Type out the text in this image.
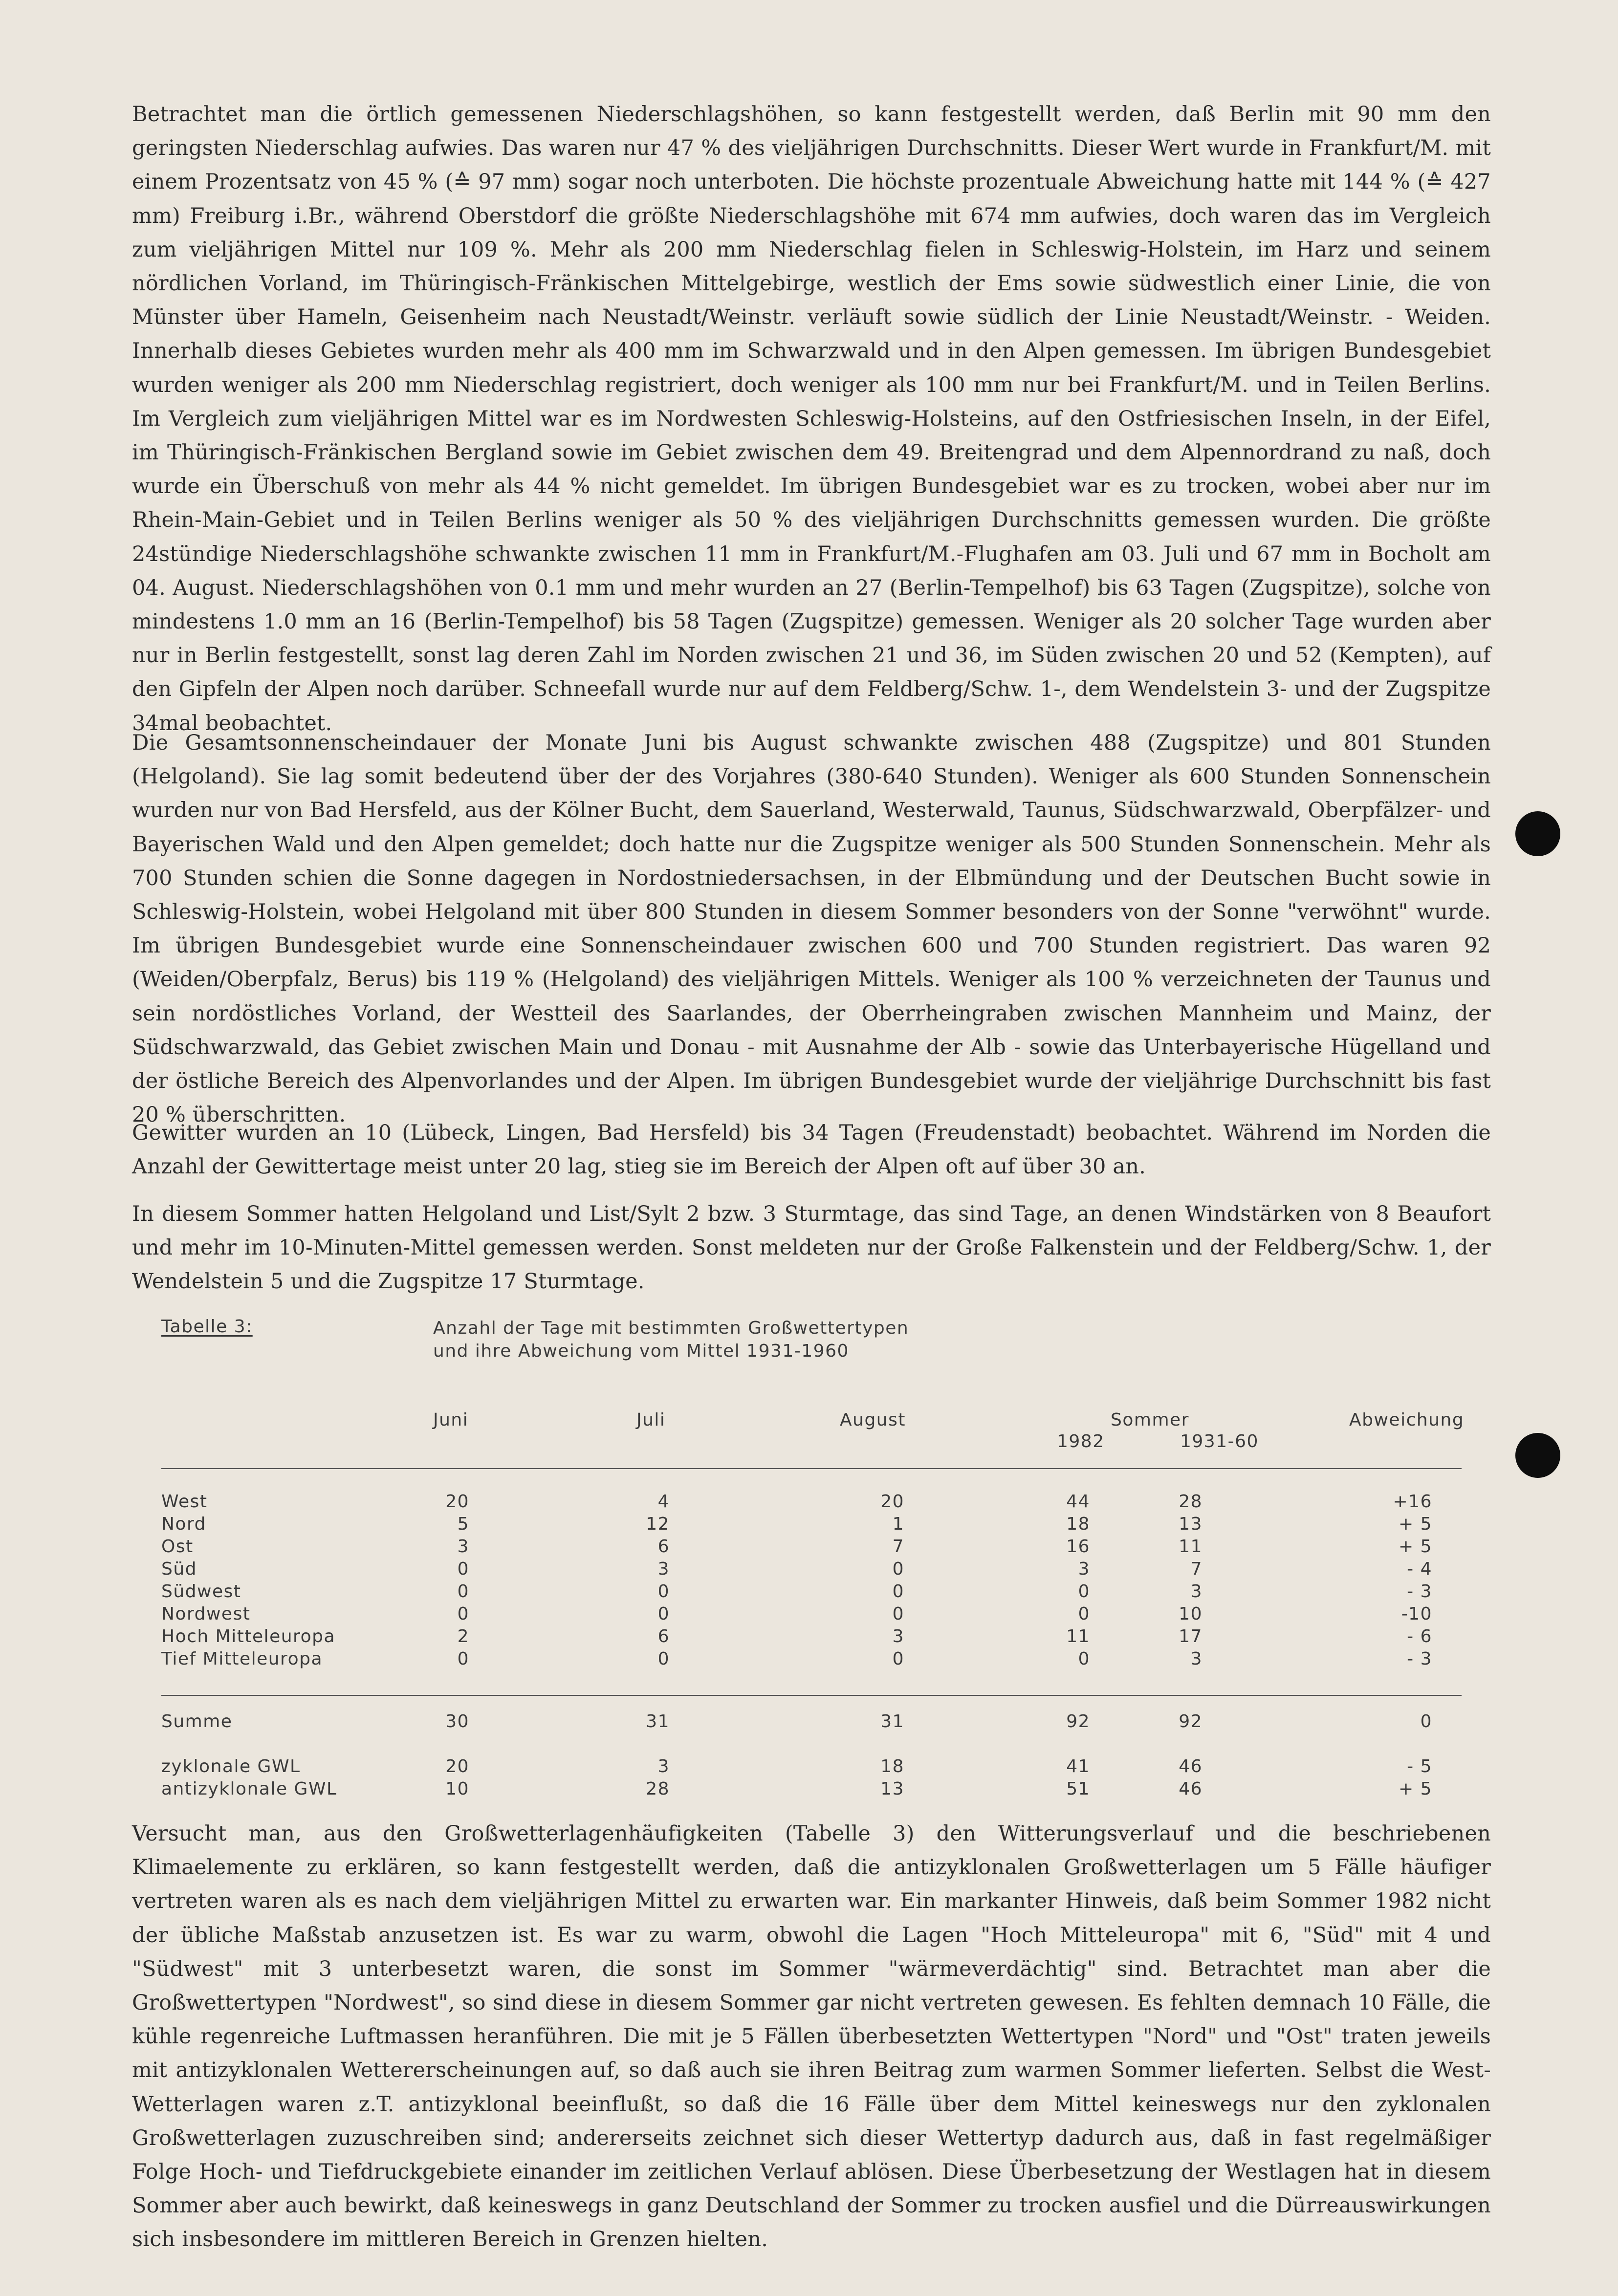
Betrachtet man die örtlich gemessenen Niederschlagshöhen, so kann festgestellt werden, daß Berlin mit 90 mm den geringsten Niederschlag aufwies. Das waren nur 47 % des vieljährigen Durchschnitts. Dieser Wert wurde in Frankfurt/M. mit einem Prozentsatz von 45 % (≙ 97 mm) sogar noch unterboten. Die höchste prozentuale Abweichung hatte mit 144 % (≙ 427 mm) Freiburg i.Br., während Oberstdorf die größte Niederschlagshöhe mit 674 mm aufwies, doch waren das im Vergleich zum vieljährigen Mittel nur 109 %. Mehr als 200 mm Niederschlag fielen in Schleswig-Holstein, im Harz und seinem nördlichen Vorland, im Thüringisch-Fränkischen Mittelgebirge, westlich der Ems sowie südwestlich einer Linie, die von Münster über Hameln, Geisenheim nach Neustadt/Weinstr. verläuft sowie südlich der Linie Neustadt/Weinstr. - Weiden. Innerhalb dieses Gebietes wurden mehr als 400 mm im Schwarzwald und in den Alpen gemessen. Im übrigen Bundesgebiet wurden weniger als 200 mm Niederschlag registriert, doch weniger als 100 mm nur bei Frankfurt/M. und in Teilen Berlins. Im Vergleich zum vieljährigen Mittel war es im Nordwesten Schleswig-Holsteins, auf den Ostfriesischen Inseln, in der Eifel, im Thüringisch-Fränkischen Bergland sowie im Gebiet zwischen dem 49. Breitengrad und dem Alpennordrand zu naß, doch wurde ein Überschuß von mehr als 44 % nicht gemeldet. Im übrigen Bundesgebiet war es zu trocken, wobei aber nur im Rhein-Main-Gebiet und in Teilen Berlins weniger als 50 % des vieljährigen Durchschnitts gemessen wurden. Die größte 24stündige Niederschlagshöhe schwankte zwischen 11 mm in Frankfurt/M.-Flughafen am 03. Juli und 67 mm in Bocholt am 04. August. Niederschlagshöhen von 0.1 mm und mehr wurden an 27 (Berlin-Tempelhof) bis 63 Tagen (Zugspitze), solche von mindestens 1.0 mm an 16 (Berlin-Tempelhof) bis 58 Tagen (Zugspitze) gemessen. Weniger als 20 solcher Tage wurden aber nur in Berlin festgestellt, sonst lag deren Zahl im Norden zwischen 21 und 36, im Süden zwischen 20 und 52 (Kempten), auf den Gipfeln der Alpen noch darüber. Schneefall wurde nur auf dem Feldberg/Schw. 1-, dem Wendelstein 3- und der Zugspitze 34mal beobachtet.

Die Gesamtsonnenscheindauer der Monate Juni bis August schwankte zwischen 488 (Zugspitze) und 801 Stunden (Helgoland). Sie lag somit bedeutend über der des Vorjahres (380-640 Stunden). Weniger als 600 Stunden Sonnenschein wurden nur von Bad Hersfeld, aus der Kölner Bucht, dem Sauerland, Westerwald, Taunus, Südschwarzwald, Oberpfälzer- und Bayerischen Wald und den Alpen gemeldet; doch hatte nur die Zugspitze weniger als 500 Stunden Sonnenschein. Mehr als 700 Stunden schien die Sonne dagegen in Nordostniedersachsen, in der Elbmündung und der Deutschen Bucht sowie in Schleswig-Holstein, wobei Helgoland mit über 800 Stunden in diesem Sommer besonders von der Sonne "verwöhnt" wurde. Im übrigen Bundesgebiet wurde eine Sonnenscheindauer zwischen 600 und 700 Stunden registriert. Das waren 92 (Weiden/Oberpfalz, Berus) bis 119 % (Helgoland) des vieljährigen Mittels. Weniger als 100 % verzeichneten der Taunus und sein nordöstliches Vorland, der Westteil des Saarlandes, der Oberrheingraben zwischen Mannheim und Mainz, der Südschwarzwald, das Gebiet zwischen Main und Donau - mit Ausnahme der Alb - sowie das Unterbayerische Hügelland und der östliche Bereich des Alpenvorlandes und der Alpen. Im übrigen Bundesgebiet wurde der vieljährige Durchschnitt bis fast 20 % überschritten.

Gewitter wurden an 10 (Lübeck, Lingen, Bad Hersfeld) bis 34 Tagen (Freudenstadt) beobachtet. Während im Norden die Anzahl der Gewittertage meist unter 20 lag, stieg sie im Bereich der Alpen oft auf über 30 an.

In diesem Sommer hatten Helgoland und List/Sylt 2 bzw. 3 Sturmtage, das sind Tage, an denen Windstärken von 8 Beaufort und mehr im 10-Minuten-Mittel gemessen werden. Sonst meldeten nur der Große Falkenstein und der Feldberg/Schw. 1, der Wendelstein 5 und die Zugspitze 17 Sturmtage.

Tabelle 3:	Anzahl der Tage mit bestimmten Großwettertypen
und ihre Abweichung vom Mittel 1931-1960
Juni	Juli	August	Sommer
1982	1931-60
Abweichung
West	20	4	20	44	28	+16
Nord	5	12	1	18	13	+ 5
Ost	3	6	7	16	11	+ 5
Süd	0	3	0	3	7	- 4
Südwest	0	0	0	0	3	- 3
Nordwest	0	0	0	0	10	-10
Hoch Mitteleuropa	2	6	3	11	17	- 6
Tief Mitteleuropa	0	0	0	0	3	- 3
Summe	30	31	31	92	92	0
zyklonale GWL	20	3	18	41	46	- 5
antizyklonale GWL	10	28	13	51	46	+ 5

Versucht man, aus den Großwetterlagenhäufigkeiten (Tabelle 3) den Witterungsverlauf und die beschriebenen Klimaelemente zu erklären, so kann festgestellt werden, daß die antizyklonalen Großwetterlagen um 5 Fälle häufiger vertreten waren als es nach dem vieljährigen Mittel zu erwarten war. Ein markanter Hinweis, daß beim Sommer 1982 nicht der übliche Maßstab anzusetzen ist. Es war zu warm, obwohl die Lagen "Hoch Mitteleuropa" mit 6, "Süd" mit 4 und "Südwest" mit 3 unterbesetzt waren, die sonst im Sommer "wärmeverdächtig" sind. Betrachtet man aber die Großwettertypen "Nordwest", so sind diese in diesem Sommer gar nicht vertreten gewesen. Es fehlten demnach 10 Fälle, die kühle regenreiche Luftmassen heranführen. Die mit je 5 Fällen überbesetzten Wettertypen "Nord" und "Ost" traten jeweils mit antizyklonalen Wettererscheinungen auf, so daß auch sie ihren Beitrag zum warmen Sommer lieferten. Selbst die West-Wetterlagen waren z.T. antizyklonal beeinflußt, so daß die 16 Fälle über dem Mittel keineswegs nur den zyklonalen Großwetterlagen zuzuschreiben sind; andererseits zeichnet sich dieser Wettertyp dadurch aus, daß in fast regelmäßiger Folge Hoch- und Tiefdruckgebiete einander im zeitlichen Verlauf ablösen. Diese Überbesetzung der Westlagen hat in diesem Sommer aber auch bewirkt, daß keineswegs in ganz Deutschland der Sommer zu trocken ausfiel und die Dürreauswirkungen sich insbesondere im mittleren Bereich in Grenzen hielten.
